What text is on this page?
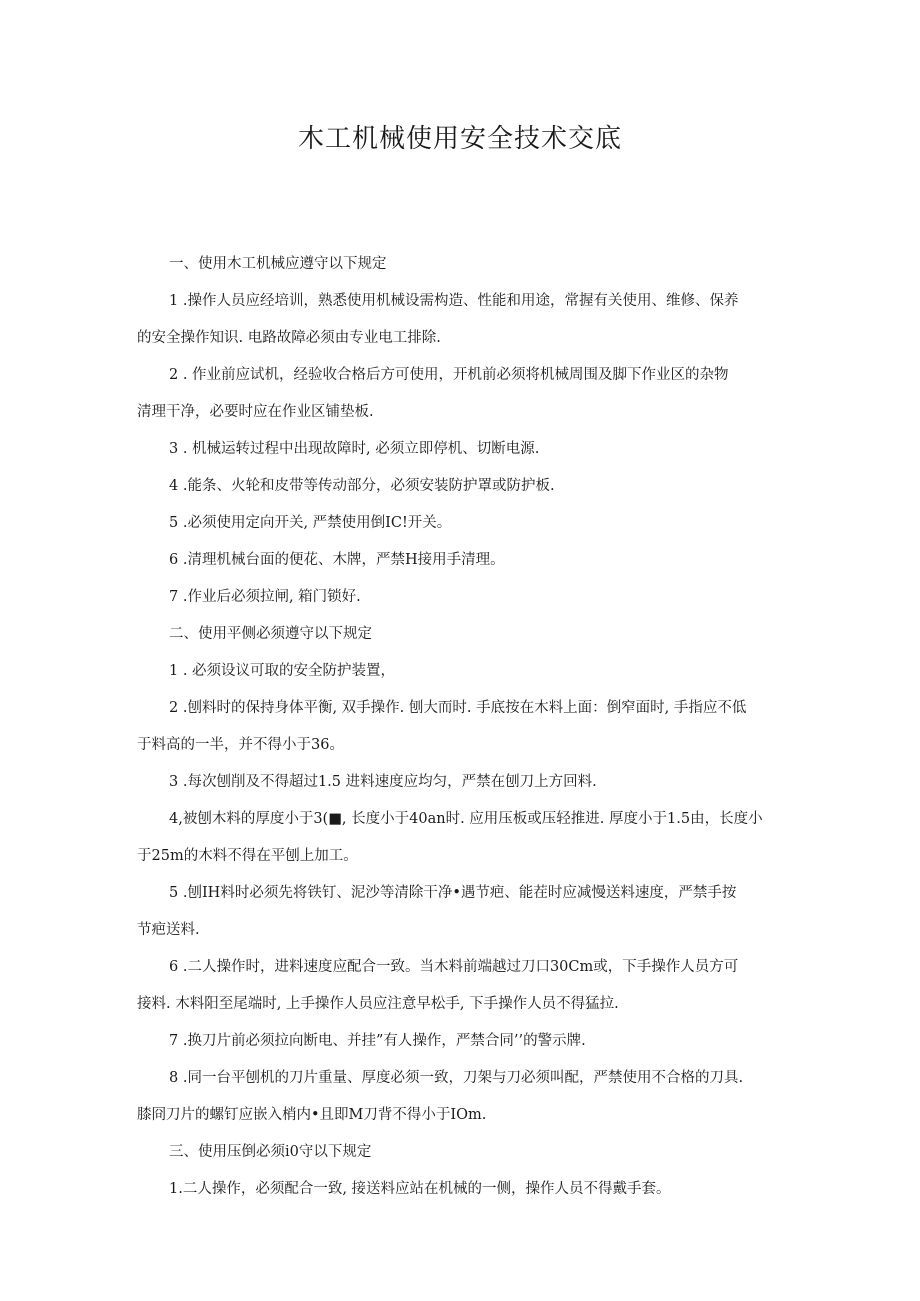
木工机械使用安全技术交底
一、使用木工机械应遵守以下规定
1 .操作人员应经培训，熟悉使用机械设需构造、性能和用途，常握有关使用、维修、保养
的安全操作知识. 电路故障必须由专业电工排除.
2 . 作业前应试机，经验收合格后方可使用，开机前必须将机械周围及脚下作业区的杂物
清理干净，必要时应在作业区铺垫板.
3 . 机械运转过程中出现故障时, 必须立即停机、切断电源.
4 .能条、火轮和皮带等传动部分，必须安装防护罩或防护板.
5 .必须使用定向开关, 严禁使用倒IC!开关。
6 .清理机械台面的便花、木牌，严禁H接用手清理。
7 .作业后必须拉闸, 箱门锁好.
二、使用平侧必须遵守以下规定
1 . 必须设议可取的安全防护装置，
2 .刨料时的保持身体平衡, 双手操作. 刨大而时. 手底按在木料上面：倒窄面时, 手指应不低
于料高的一半，并不得小于36。
3 .每次刨削及不得超过1.5 进料速度应均匀，严禁在刨刀上方回料.
4,被刨木料的厚度小于3(■, 长度小于40an时. 应用压板或压轻推进. 厚度小于1.5由，长度小
于25m的木料不得在平刨上加工。
5 .刨IH料时必须先将铁钉、泥沙等清除干净•遇节疤、能茬时应减慢送料速度，严禁手按
节疤送料.
6 .二人操作时，进料速度应配合一致。当木料前端越过刀口30Cm或，下手操作人员方可
接料. 木料阳至尾端时, 上手操作人员应注意早松手, 下手操作人员不得猛拉.
7 .换刀片前必须拉向断电、并挂”有人操作，严禁合同’’的警示牌.
8 .同一台平刨机的刀片重量、厚度必须一致，刀架与刀必须叫配，严禁使用不合格的刀具.
膝冏刀片的螺钉应嵌入梢内•且即M刀背不得小于IOm.
三、使用压倒必须i0守以下规定
1.二人操作，必须配合一致, 接送料应站在机械的一侧，操作人员不得戴手套。
